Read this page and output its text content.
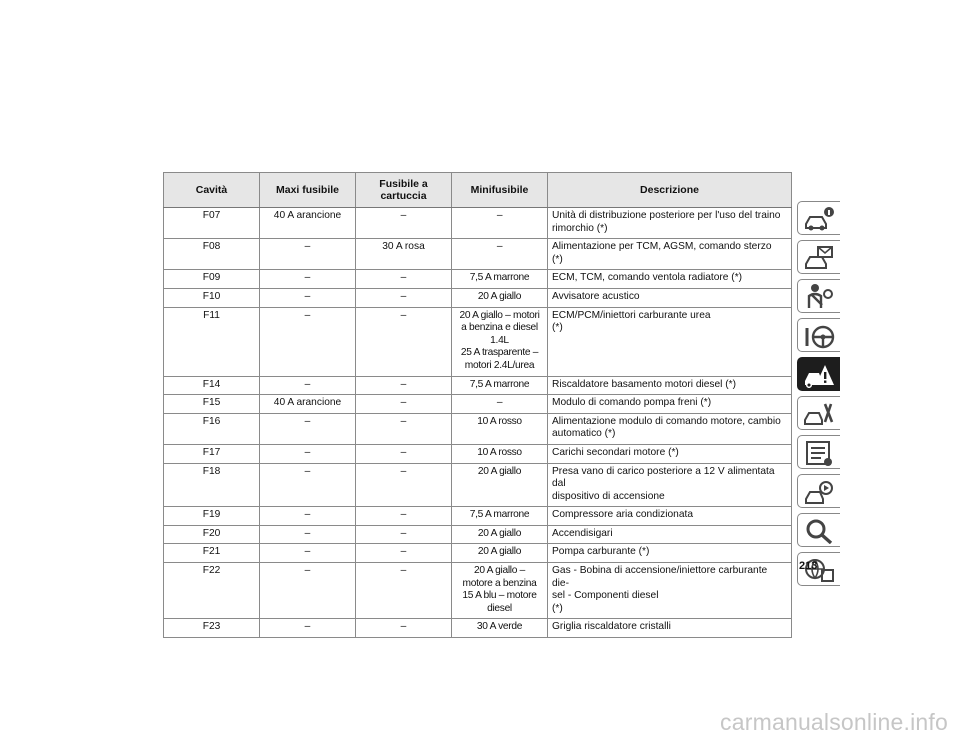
Cavità	Maxi fusibile	Fusibile a
cartuccia	Minifusibile	Descrizione
F07	40 A arancione	–	–	Unità di distribuzione posteriore per l'uso del traino
rimorchio (*)
F08	–	30 A rosa	–	Alimentazione per TCM, AGSM, comando sterzo (*)
F09	–	–	7,5 A marrone	ECM, TCM, comando ventola radiatore (*)
F10	–	–	20 A giallo	Avvisatore acustico
F11	–	–	20 A giallo – motori
a benzina e diesel
1.4L
25 A trasparente –
motori 2.4L/urea	ECM/PCM/iniettori carburante urea
(*)
F14	–	–	7,5 A marrone	Riscaldatore basamento motori diesel (*)
F15	40 A arancione	–	–	Modulo di comando pompa freni (*)
F16	–	–	10 A rosso	Alimentazione modulo di comando motore, cambio
automatico (*)
F17	–	–	10 A rosso	Carichi secondari motore (*)
F18	–	–	20 A giallo	Presa vano di carico posteriore a 12 V alimentata dal
dispositivo di accensione
F19	–	–	7,5 A marrone	Compressore aria condizionata
F20	–	–	20 A giallo	Accendisigari
F21	–	–	20 A giallo	Pompa carburante (*)
F22	–	–	20 A giallo –
motore a benzina
15 A blu – motore
diesel	Gas - Bobina di accensione/iniettore carburante die-
sel - Componenti diesel
(*)
F23	–	–	30 A verde	Griglia riscaldatore cristalli
213
carmanualsonline.info
